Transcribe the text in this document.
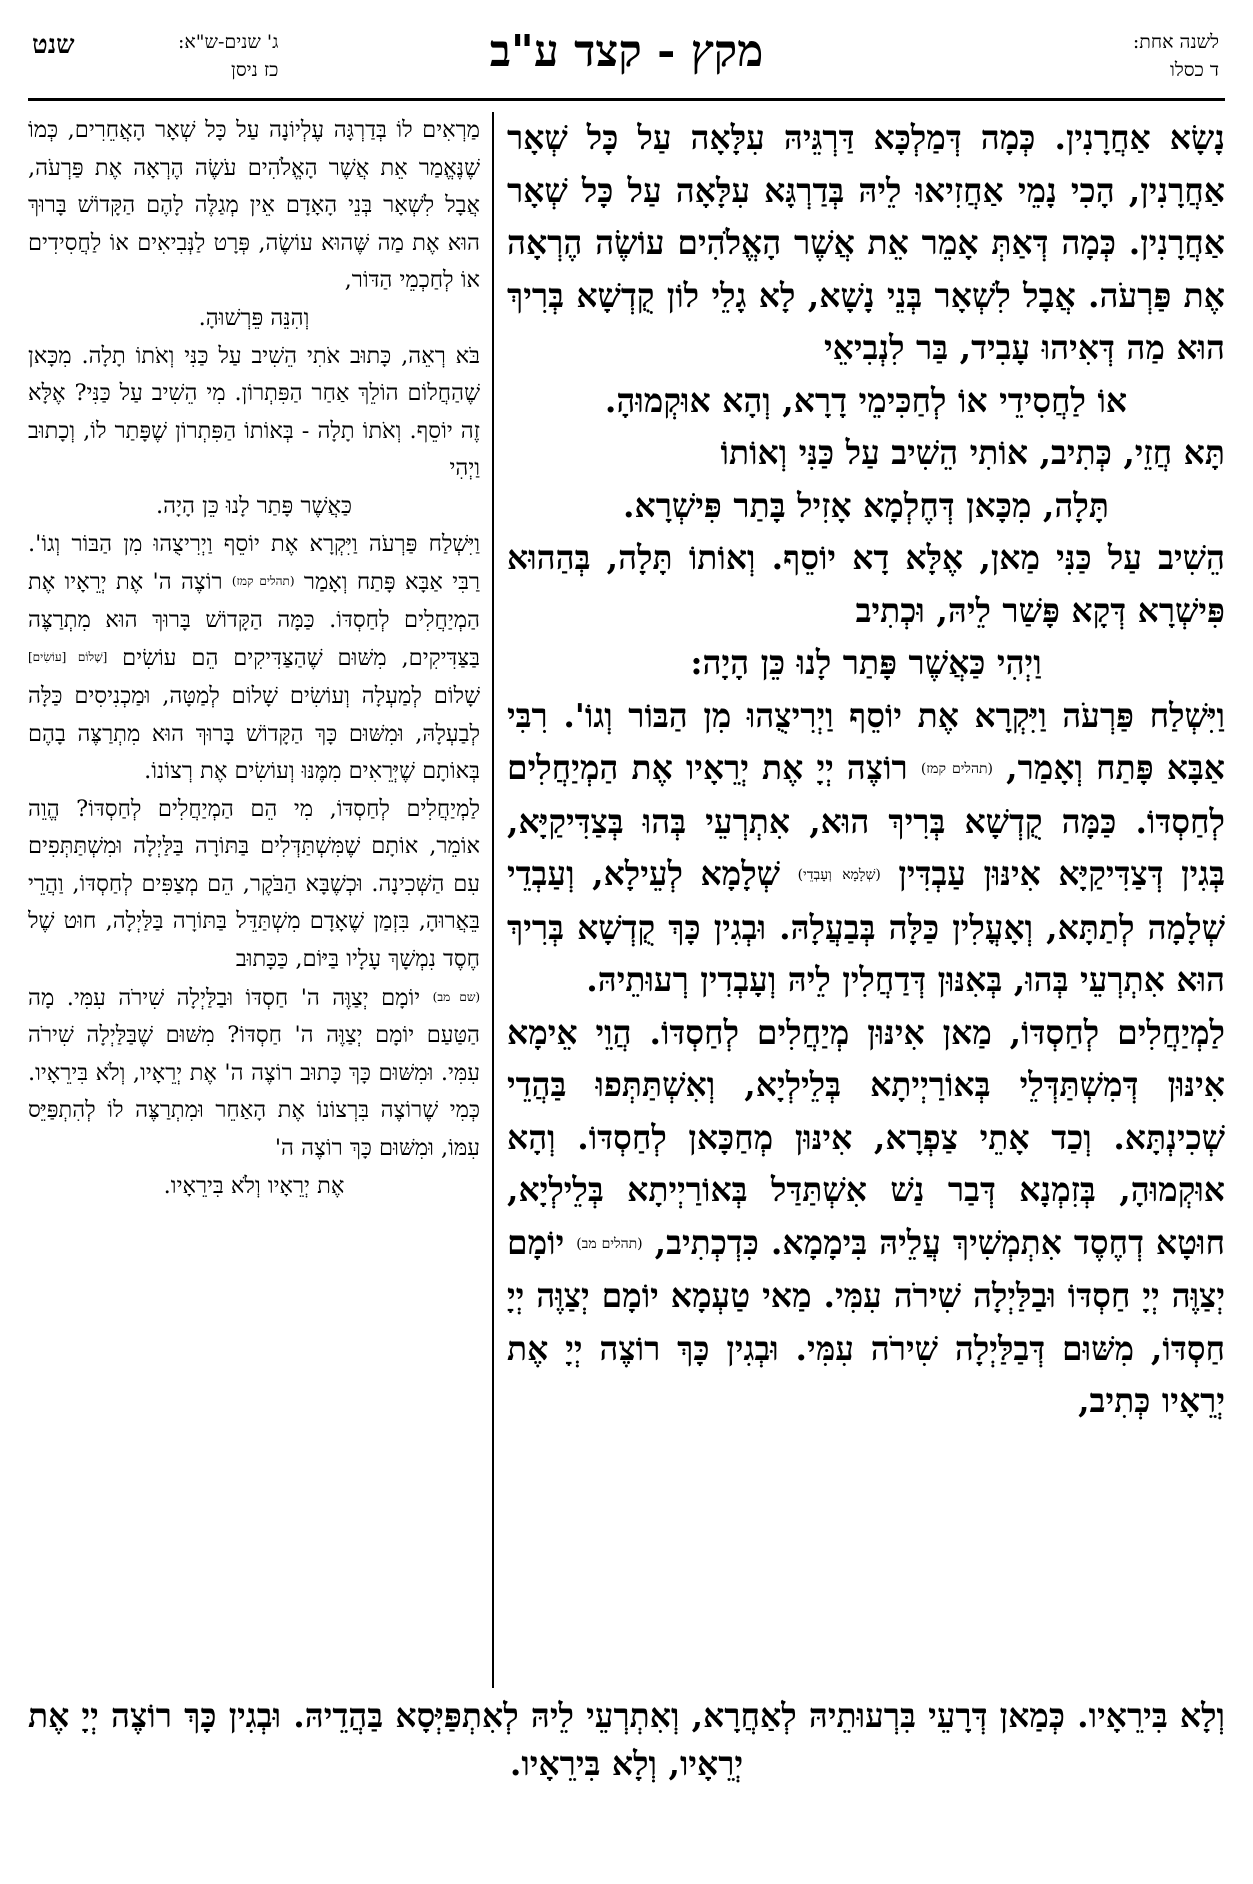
לשנה אחת:
ד כסלו
מקץ - קצד ע"ב
ג' שנים-ש"א:
כז ניסן
שנט

נָשָׂא אַחֲרָנִין. כְּמָה דְּמַלְכָּא דַּרְגֵּיהּ עִלָּאָה עַל כָּל שְׁאָר אַחֲרָנִין, הָכִי נָמֵי אַחֲזִיאוּ לֵיהּ בְּדַרְגָּא עִלָּאָה עַל כָּל שְׁאָר אַחֲרָנִין. כְּמָה דְּאַתְּ אָמֵר אֵת אֲשֶׁר הָאֱלֹהִים עוֹשֶׂה הֶרְאָה אֶת פַּרְעֹה. אֲבָל לִשְׁאָר בְּנֵי נָשָׁא, לָא גָלֵי לוֹן קֻדְשָׁא בְּרִיךְ הוּא מַה דְּאִיהוּ עָבִיד, בַּר לִנְבִיאֵי

אוֹ לַחֲסִידֵי אוֹ לְחַכִּימֵי דָרָא, וְהָא אוּקְמוּהָ.

תָּא חֲזֵי, כְּתִיב, אוֹתִי הֵשִׁיב עַל כַּנִּי וְאוֹתוֹ

תָּלָה, מִכָּאן דְּחֶלְמָא אָזִיל בָּתַר פִּישְׁרָא.

הֵשִׁיב עַל כַּנִּי מַאן, אֶלָּא דָא יוֹסֵף. וְאוֹתוֹ תָּלָה, בְּהַהוּא פִּישְׁרָא דְּקָא פָּשַׁר לֵיהּ, וּכְתִיב

וַיְהִי כַּאֲשֶׁר פָּתַר לָנוּ כֵּן הָיָה:

וַיִּשְׁלַח פַּרְעֹה וַיִּקְרָא אֶת יוֹסֵף וַיְרִיצֻהוּ מִן הַבּוֹר וְגוֹ'. רִבִּי אַבָּא פָּתַח וְאָמַר, (תהלים קמז) רוֹצֶה יְיָ אֶת יְרֵאָיו אֶת הַמְיַחֲלִים לְחַסְדּוֹ. כַּמָּה קֻדְשָׁא בְּרִיךְ הוּא, אִתְרְעֵי בְּהוּ בְּצַדִּיקַיָּא, בְּגִין דְּצַדִּיקַיָּא אִינּוּן עַבְדִּין (שְׁלָמָא וְעָבְדֵי) שְׁלָמָא לְעֵילָא, וְעַבְדֵי שְׁלָמָה לְתַתָּא, וְאָעֳלִין כַּלָּה בְּבַעֲלָהּ. וּבְגִין כָּךְ קֻדְשָׁא בְּרִיךְ הוּא אִתְרְעֵי בְּהוּ, בְּאִנּוּן דְּדַחֲלִין לֵיהּ וְעָבְדִין רְעוּתֵיהּ.

לַמְיַחֲלִים לְחַסְדּוֹ, מַאן אִינּוּן מְיַחֲלִים לְחַסְדּוֹ. הֲוֵי אֵימָא אִינּוּן דְּמִשְׁתַּדְּלֵי בְּאוֹרַיְיתָא בְּלֵילְיָא, וְאִשְׁתַּתְּפוּ בַּהֲדֵי שְׁכִינְתָּא. וְכַד אָתֵי צַפְרָא, אִינּוּן מְחַכָּאן לְחַסְדּוֹ. וְהָא אוּקְמוּהָ, בְּזִמְנָא דְּבַר נַשׁ אִשְׁתַּדַּל בְּאוֹרַיְיתָא בְּלֵילְיָא, חוּטָא דְחֶסֶד אִתְמְשִׁיךְ עֲלֵיהּ בִּימָמָא. כִּדְכְתִיב, (תהלים מב) יוֹמָם יְצַוֶּה יְיָ חַסְדּוֹ וּבַלַּיְלָה שִׁירֹה עִמִּי. מַאי טַעְמָא יוֹמָם יְצַוֶּה יְיָ חַסְדּוֹ, מִשּׁוּם דְּבַלַּיְלָה שִׁירֹה עִמִּי. וּבְגִין כָּךְ רוֹצֶה יְיָ אֶת יְרֵאָיו כְּתִיב,

מַרְאִים לוֹ בְּדַרְגָּה עֶלְיוֹנָה עַל כָּל שְׁאָר הָאֲחֵרִים, כְּמוֹ שֶׁנֶּאֱמַר אֵת אֲשֶׁר הָאֱלֹהִים עֹשֶׂה הֶרְאָה אֶת פַּרְעֹה, אֲבָל לִשְׁאָר בְּנֵי הָאָדָם אֵין מְגַלֶּה לָהֶם הַקָּדוֹשׁ בָּרוּךְ הוּא אֶת מַה שֶּׁהוּא עוֹשֶׂה, פְּרָט לַנְּבִיאִים אוֹ לַחֲסִידִים אוֹ לְחַכְמֵי הַדּוֹר,

וְהִנֵּה פֵּרְשׁוּהָ.

בֹּא רְאֵה, כָּתוּב אֹתִי הֵשִׁיב עַל כַּנִּי וְאֹתוֹ תָלָה. מִכָּאן שֶׁהַחֲלוֹם הוֹלֵךְ אַחַר הַפִּתְרוֹן. מִי הֵשִׁיב עַל כַּנִּי? אֶלָּא זֶה יוֹסֵף. וְאֹתוֹ תָלָה - בְּאוֹתוֹ הַפִּתְרוֹן שֶׁפָּתַר לוֹ, וְכָתוּב וַיְהִי

כַּאֲשֶׁר פָּתַר לָנוּ כֵּן הָיָה.

וַיִּשְׁלַח פַּרְעֹה וַיִּקְרָא אֶת יוֹסֵף וַיְרִיצֻהוּ מִן הַבּוֹר וְגוֹ'. רַבִּי אַבָּא פָּתַח וְאָמַר (תהלים קמז) רוֹצֶה ה' אֶת יְרֵאָיו אֶת הַמְיַחֲלִים לְחַסְדּוֹ. כַּמָּה הַקָּדוֹשׁ בָּרוּךְ הוּא מִתְרַצֶּה בַּצַּדִּיקִים, מִשּׁוּם שֶׁהַצַּדִּיקִים הֵם עוֹשִׂים [שָׁלוֹם [עוֹשִׂים] שָׁלוֹם לְמַעְלָה וְעוֹשִׂים שָׁלוֹם לְמַטָּה, וּמַכְנִיסִים כַּלָּה לְבַעְלָהּ, וּמִשּׁוּם כָּךְ הַקָּדוֹשׁ בָּרוּךְ הוּא מִתְרַצֶּה בָהֶם בְּאוֹתָם שֶׁיְּרֵאִים מִמֶּנּוּ וְעוֹשִׂים אֶת רְצוֹנוֹ.

לַמְיַחֲלִים לְחַסְדּוֹ, מִי הֵם הַמְיַחֲלִים לְחַסְדּוֹ? הֱוֵה אוֹמֵר, אוֹתָם שֶׁמִּשְׁתַּדְּלִים בַּתּוֹרָה בַּלַּיְלָה וּמִשְׁתַּתְּפִים עִם הַשְּׁכִינָה. וּכְשֶׁבָּא הַבֹּקֶר, הֵם מְצַפִּים לְחַסְדּוֹ, וַהֲרֵי בֵּאֲרוּהָ, בִּזְמַן שֶׁאָדָם מִשְׁתַּדֵּל בַּתּוֹרָה בַּלַּיְלָה, חוּט שֶׁל חֶסֶד נִמְשָׁךְ עָלָיו בַּיּוֹם, כַּכָּתוּב

(שם מב) יוֹמָם יְצַוֶּה ה' חַסְדּוֹ וּבַלַּיְלָה שִׁירֹה עִמִּי. מָה הַטַּעַם יוֹמָם יְצַוֶּה ה' חַסְדּוֹ? מִשּׁוּם שֶׁבַּלַּיְלָה שִׁירֹה עִמִּי. וּמִשּׁוּם כָּךְ כָּתוּב רוֹצֶה ה' אֶת יְרֵאָיו, וְלֹא בִּירֵאָיו. כְּמִי שֶׁרוֹצֶה בִּרְצוֹנוֹ אֶת הָאַחֵר וּמִתְרַצֶּה לוֹ לְהִתְפַּיֵּס עִמּוֹ, וּמִשּׁוּם כָּךְ רוֹצֶה ה'

אֶת יְרֵאָיו וְלֹא בִּירֵאָיו.

וְלָא בִּירֵאָיו. כְּמַאן דְּרָעֵי בִּרְעוּתֵיהּ לְאַחֲרָא, וְאִתְרְעֵי לֵיהּ לְאִתְפַּיְּסָא בַּהֲדֵיהּ. וּבְגִין כָּךְ רוֹצֶה יְיָ אֶת יְרֵאָיו, וְלָא בִּירֵאָיו.
